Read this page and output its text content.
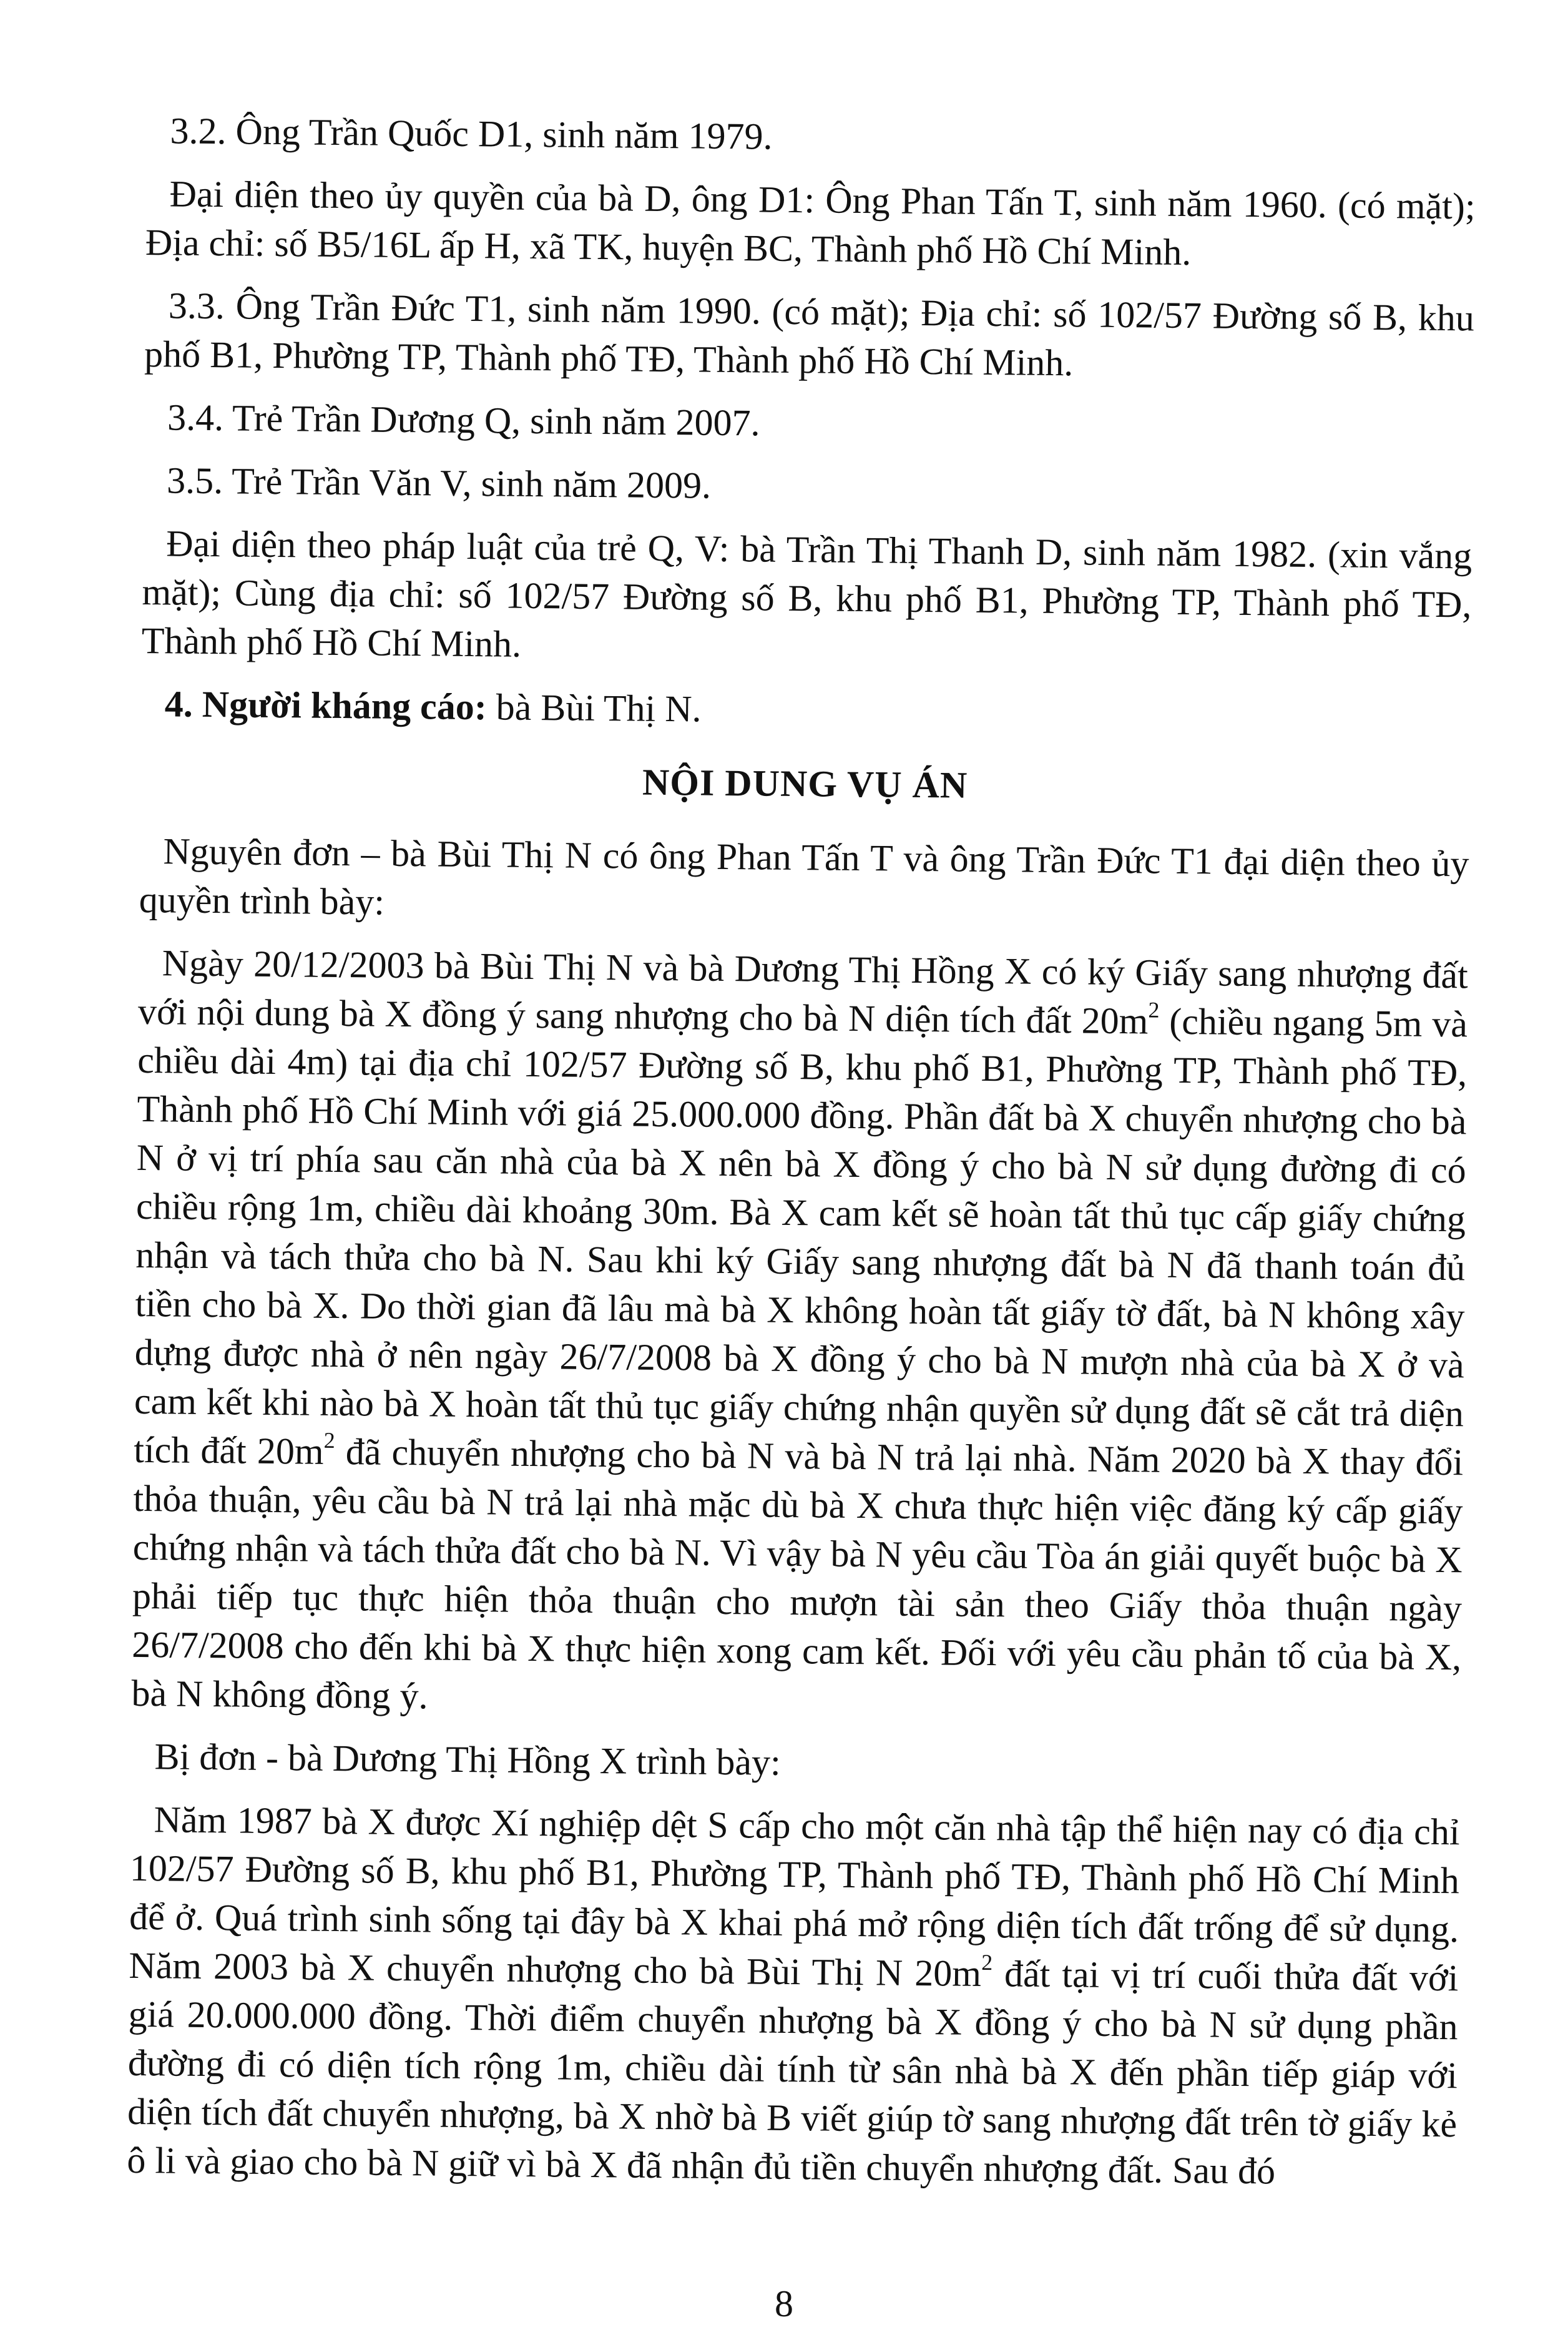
3.2. Ông Trần Quốc D1, sinh năm 1979.

Đại diện theo ủy quyền của bà D, ông D1: Ông Phan Tấn T, sinh năm 1960. (có mặt); Địa chỉ: số B5/16L ấp H, xã TK, huyện BC, Thành phố Hồ Chí Minh.

3.3. Ông Trần Đức T1, sinh năm 1990. (có mặt); Địa chỉ: số 102/57 Đường số B, khu phố B1, Phường TP, Thành phố TĐ, Thành phố Hồ Chí Minh.

3.4. Trẻ Trần Dương Q, sinh năm 2007.

3.5. Trẻ Trần Văn V, sinh năm 2009.

Đại diện theo pháp luật của trẻ Q, V: bà Trần Thị Thanh D, sinh năm 1982. (xin vắng mặt); Cùng địa chỉ: số 102/57 Đường số B, khu phố B1, Phường TP, Thành phố TĐ, Thành phố Hồ Chí Minh.

4. Người kháng cáo: bà Bùi Thị N.

NỘI DUNG VỤ ÁN

Nguyên đơn – bà Bùi Thị N có ông Phan Tấn T và ông Trần Đức T1 đại diện theo ủy quyền trình bày:

Ngày 20/12/2003 bà Bùi Thị N và bà Dương Thị Hồng X có ký Giấy sang nhượng đất với nội dung bà X đồng ý sang nhượng cho bà N diện tích đất $20m^2$ (chiều ngang 5m và chiều dài 4m) tại địa chỉ 102/57 Đường số B, khu phố B1, Phường TP, Thành phố TĐ, Thành phố Hồ Chí Minh với giá 25.000.000 đồng. Phần đất bà X chuyển nhượng cho bà N ở vị trí phía sau căn nhà của bà X nên bà X đồng ý cho bà N sử dụng đường đi có chiều rộng 1m, chiều dài khoảng 30m. Bà X cam kết sẽ hoàn tất thủ tục cấp giấy chứng nhận và tách thửa cho bà N. Sau khi ký Giấy sang nhượng đất bà N đã thanh toán đủ tiền cho bà X. Do thời gian đã lâu mà bà X không hoàn tất giấy tờ đất, bà N không xây dựng được nhà ở nên ngày 26/7/2008 bà X đồng ý cho bà N mượn nhà của bà X ở và cam kết khi nào bà X hoàn tất thủ tục giấy chứng nhận quyền sử dụng đất sẽ cắt trả diện tích đất $20m^2$ đã chuyển nhượng cho bà N và bà N trả lại nhà. Năm 2020 bà X thay đổi thỏa thuận, yêu cầu bà N trả lại nhà mặc dù bà X chưa thực hiện việc đăng ký cấp giấy chứng nhận và tách thửa đất cho bà N. Vì vậy bà N yêu cầu Tòa án giải quyết buộc bà X phải tiếp tục thực hiện thỏa thuận cho mượn tài sản theo Giấy thỏa thuận ngày 26/7/2008 cho đến khi bà X thực hiện xong cam kết. Đối với yêu cầu phản tố của bà X, bà N không đồng ý.

Bị đơn - bà Dương Thị Hồng X trình bày:

Năm 1987 bà X được Xí nghiệp dệt S cấp cho một căn nhà tập thể hiện nay có địa chỉ 102/57 Đường số B, khu phố B1, Phường TP, Thành phố TĐ, Thành phố Hồ Chí Minh để ở. Quá trình sinh sống tại đây bà X khai phá mở rộng diện tích đất trống để sử dụng. Năm 2003 bà X chuyển nhượng cho bà Bùi Thị N $20m^2$ đất tại vị trí cuối thửa đất với giá 20.000.000 đồng. Thời điểm chuyển nhượng bà X đồng ý cho bà N sử dụng phần đường đi có diện tích rộng 1m, chiều dài tính từ sân nhà bà X đến phần tiếp giáp với diện tích đất chuyển nhượng, bà X nhờ bà B viết giúp tờ sang nhượng đất trên tờ giấy kẻ ô li và giao cho bà N giữ vì bà X đã nhận đủ tiền chuyển nhượng đất. Sau đó

8
